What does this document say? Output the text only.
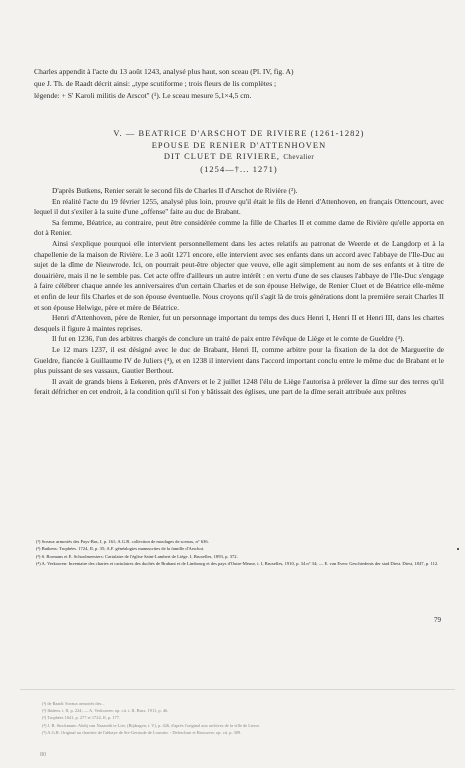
Charles appendit à l'acte du 13 août 1243, analysé plus haut, son sceau (Pl. IV, fig. A)

que J. Th. de Raadt décrit ainsi: „type scutiforme ; trois fleurs de lis complètes ;

légende: + S' Karoli militis de Arscot'' (¹). Le sceau mesure 5,1×4,5 cm.

V. — BEATRICE D'ARSCHOT DE RIVIERE (1261-1282)
EPOUSE DE RENIER D'ATTENHOVEN
DIT CLUET DE RIVIERE, Chevalier
(1254—†... 1271)

D'après Butkens, Renier serait le second fils de Charles II d'Arschot de Rivière (²).

En réalité l'acte du 19 février 1255, analysé plus loin, prouve qu'il était le fils de Henri d'Attenhoven, en français Ottencourt, avec lequel il dut s'exiler à la suite d'une „offense'' faite au duc de Brabant.

Sa femme, Béatrice, au contraire, peut être considérée comme la fille de Charles II et comme dame de Rivière qu'elle apporta en dot à Renier.

Ainsi s'explique pourquoi elle intervient personnellement dans les actes relatifs au patronat de Weerde et de Langdorp et à la chapellenie de la maison de Rivière. Le 3 août 1271 encore, elle intervient avec ses enfants dans un accord avec l'abbaye de l'Ile-Duc au sujet de la dîme de Nieuwrode. Ici, on pourrait peut-être objecter que veuve, elle agit simplement au nom de ses enfants et à titre de douairière, mais il ne le semble pas. Cet acte offre d'ailleurs un autre intérêt : en vertu d'une de ses clauses l'abbaye de l'Ile-Duc s'engage à faire célébrer chaque année les anniversaires d'un certain Charles et de son épouse Helwige, de Renier Cluet et de Béatrice elle-même et enfin de leur fils Charles et de son épouse éventuelle. Nous croyons qu'il s'agit là de trois générations dont la première serait Charles II et son épouse Helwige, père et mère de Béatrice.

Henri d'Attenhoven, père de Renier, fut un personnage important du temps des ducs Henri I, Henri II et Henri III, dans les chartes desquels il figure à maintes reprises.

Il fut en 1236, l'un des arbitres chargés de conclure un traité de paix entre l'évêque de Liège et le comte de Gueldre (³).

Le 12 mars 1237, il est désigné avec le duc de Brabant, Henri II, comme arbitre pour la fixation de la dot de Marguerite de Gueldre, fiancée à Guillaume IV de Juliers (⁴), et en 1238 il intervient dans l'accord important conclu entre le même duc de Brabant et le plus puissant de ses vassaux, Gautier Berthout.

Il avait de grands biens à Eekeren, près d'Anvers et le 2 juillet 1248 l'élu de Liège l'autorisa à prélever la dîme sur des terres qu'il ferait défricher en cet endroit, à la condition qu'il si l'on y bâtissait des églises, une part de la dîme serait attribuée aux prêtres

(¹) Sceaux armoriés des Pays-Bas, I, p. 161; A.G.R. collection de moulages de sceaux, n° 636.

(²) Butkens: Trophées. 1724, II, p. 35; A.F. généalogies manuscrites de la famille d'Arschot.

(³) S. Bormans et E. Schoolmeesters: Cartulaire de l'église Saint-Lambert de Liège. I, Bruxelles, 1893, p. 372.

(⁴) A. Verkooren: Inventaire des chartes et cartulaires des duchés de Brabant et de Limbourg et des pays d'Outre-Meuse, t. I, Bruxelles, 1910, p. 34 n° 34; — E. van Even: Geschiedenis der stad Diest. Diest, 1847, p. 112.

79

(¹) de Raadt: Sceaux armoriés des...

(²) Ibidem. t. II, p. 224; — A. Verkooren: op. cit. t. II, Brux. 1911, p. 46.

(³) Trophées 1641, p. 277 et 1724, II, p. 177.

(⁴) J. B. Stockmans: Abdij van Nazareth te Lier, (Bijdragen, t. V), p. 426, d'après l'original aux archives de la ville de Lierre.

(⁵) A.G.R. Original au chartrier de l'abbaye de Ste-Gertrude de Louvain. - Delescluse et Brouwers: op. cit. p. 309.

80
